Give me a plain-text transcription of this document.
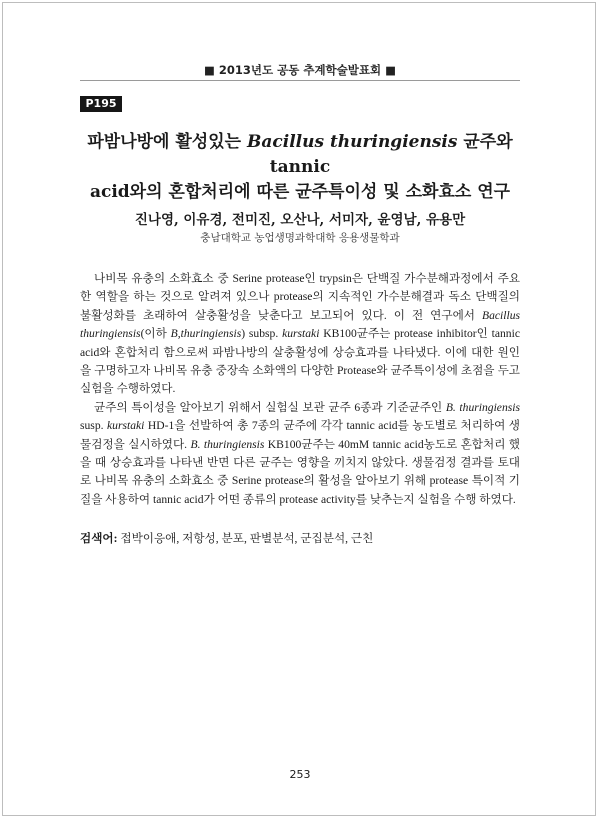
■ 2013년도 공동 추계학술발표회 ■
P195
파밤나방에 활성있는 Bacillus thuringiensis 균주와 tannic
acid와의 혼합처리에 따른 균주특이성 및 소화효소 연구
진나영, 이유경, 전미진, 오산나, 서미자, 윤영남, 유용만
충남대학교 농업생명과학대학 응용생물학과

나비목 유충의 소화효소 중 Serine protease인 trypsin은 단백질 가수분해과정에서 주요한 역할을 하는 것으로 알려져 있으나 protease의 지속적인 가수분해결과 독소 단백질의 불활성화를 초래하여 살충활성을 낮춘다고 보고되어 있다. 이 전 연구에서 Bacillus thuringiensis(이하 B,thuringiensis) subsp. kurstaki KB100균주는 protease inhibitor인 tannic acid와 혼합처리 함으로써 파밤나방의 살충활성에 상승효과를 나타냈다. 이에 대한 원인을 구명하고자 나비목 유충 중장속 소화액의 다양한 Protease와 균주특이성에 초점을 두고 실험을 수행하였다.

균주의 특이성을 알아보기 위해서 실험실 보관 균주 6종과 기준균주인 B. thuringiensis susp. kurstaki HD-1을 선발하여 총 7종의 균주에 각각 tannic acid를 농도별로 처리하여 생물검정을 실시하였다. B. thuringiensis KB100균주는 40mM tannic acid농도로 혼합처리 했을 때 상승효과를 나타낸 반면 다른 균주는 영향을 끼치지 않았다. 생물검정 결과를 토대로 나비목 유충의 소화효소 중 Serine protease의 활성을 알아보기 위해 protease 특이적 기질을 사용하여 tannic acid가 어떤 종류의 protease activity를 낮추는지 실험을 수행 하였다.

검색어: 접박이응애, 저항성, 분포, 판별분석, 군집분석, 근친
253
